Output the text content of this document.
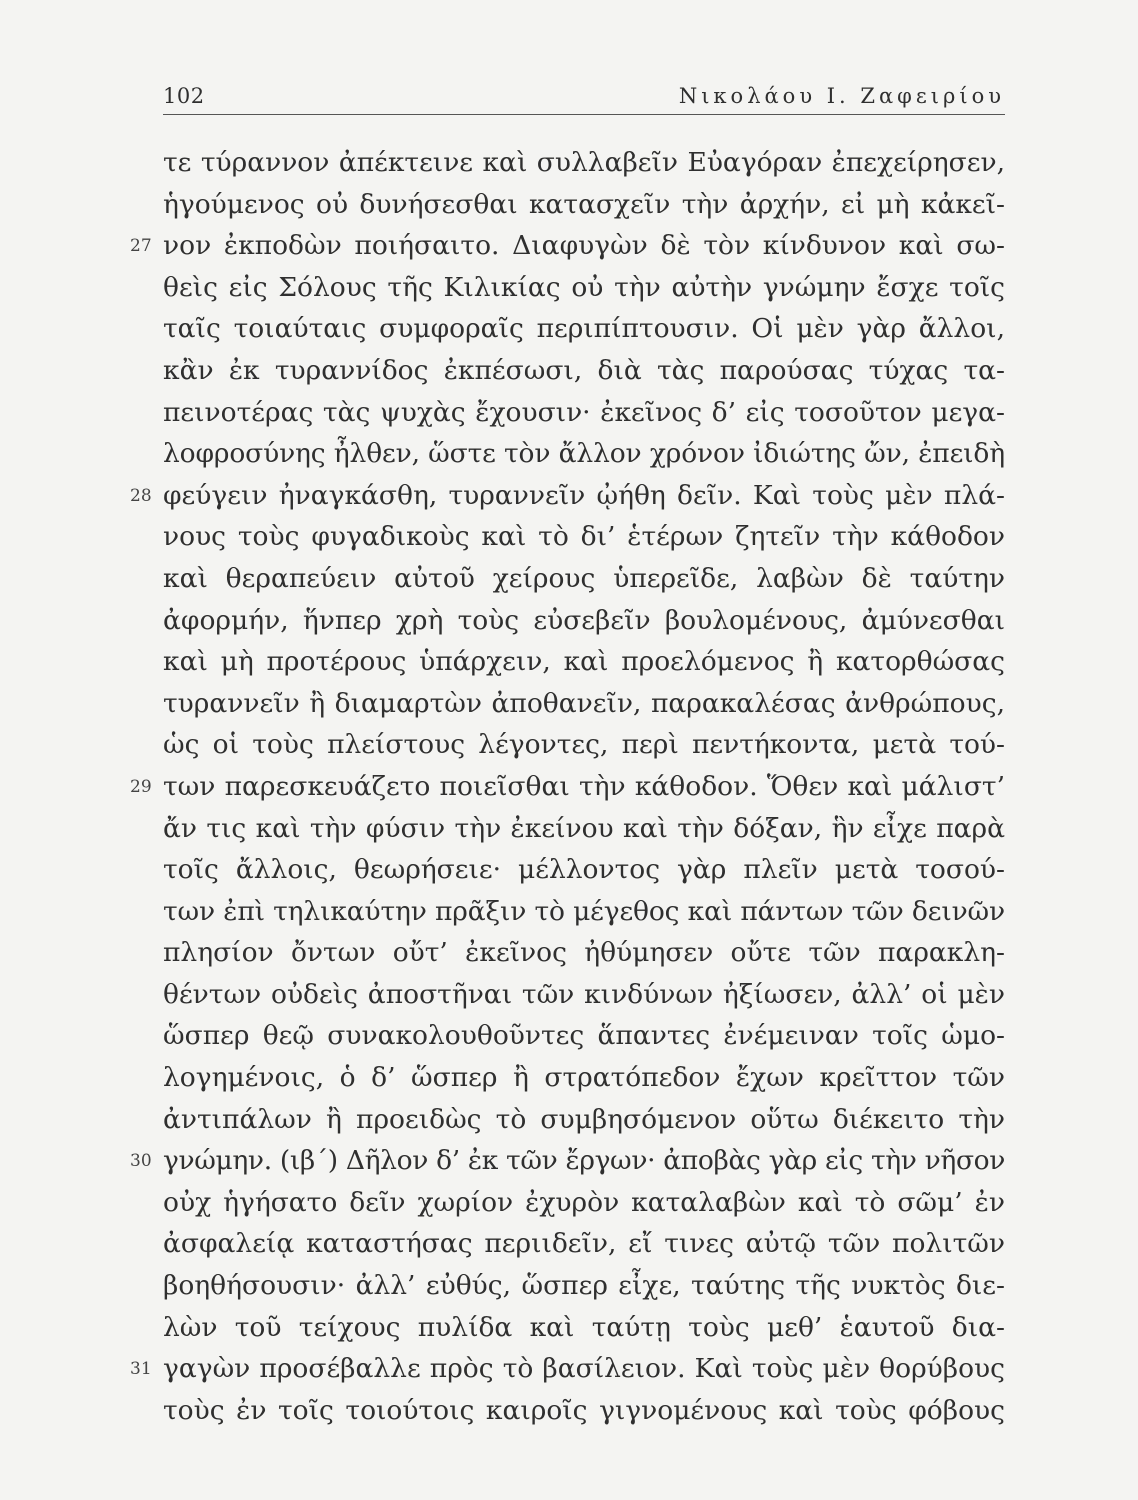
102	Νικολάου Ι. Ζαφειρίου
τε τύραννον ἀπέκτεινε καὶ συλλαβεῖν Εὐαγόραν ἐπεχείρησεν,
ἡγούμενος οὐ δυνήσεσθαι κατασχεῖν τὴν ἀρχήν, εἰ μὴ κἀκεῖ-
27 νον ἐκποδὼν ποιήσαιτο. Διαφυγὼν δὲ τὸν κίνδυνον καὶ σω-
θεὶς εἰς Σόλους τῆς Κιλικίας οὐ τὴν αὐτὴν γνώμην ἔσχε τοῖς
ταῖς τοιαύταις συμφοραῖς περιπίπτουσιν. Οἱ μὲν γὰρ ἄλλοι,
κἂν ἐκ τυραννίδος ἐκπέσωσι, διὰ τὰς παρούσας τύχας τα-
πεινοτέρας τὰς ψυχὰς ἔχουσιν· ἐκεῖνος δ’ εἰς τοσοῦτον μεγα-
λοφροσύνης ἦλθεν, ὥστε τὸν ἄλλον χρόνον ἰδιώτης ὤν, ἐπειδὴ
28 φεύγειν ἠναγκάσθη, τυραννεῖν ᾠήθη δεῖν. Καὶ τοὺς μὲν πλά-
νους τοὺς φυγαδικοὺς καὶ τὸ δι’ ἑτέρων ζητεῖν τὴν κάθοδον
καὶ θεραπεύειν αὐτοῦ χείρους ὑπερεῖδε, λαβὼν δὲ ταύτην
ἀφορμήν, ἥνπερ χρὴ τοὺς εὐσεβεῖν βουλομένους, ἀμύνεσθαι
καὶ μὴ προτέρους ὑπάρχειν, καὶ προελόμενος ἢ κατορθώσας
τυραννεῖν ἢ διαμαρτὼν ἀποθανεῖν, παρακαλέσας ἀνθρώπους,
ὡς οἱ τοὺς πλείστους λέγοντες, περὶ πεντήκοντα, μετὰ τού-
29 των παρεσκευάζετο ποιεῖσθαι τὴν κάθοδον. Ὅθεν καὶ μάλιστ’
ἄν τις καὶ τὴν φύσιν τὴν ἐκείνου καὶ τὴν δόξαν, ἣν εἶχε παρὰ
τοῖς ἄλλοις, θεωρήσειε· μέλλοντος γὰρ πλεῖν μετὰ τοσού-
των ἐπὶ τηλικαύτην πρᾶξιν τὸ μέγεθος καὶ πάντων τῶν δεινῶν
πλησίον ὄντων οὔτ’ ἐκεῖνος ἠθύμησεν οὔτε τῶν παρακλη-
θέντων οὐδεὶς ἀποστῆναι τῶν κινδύνων ἠξίωσεν, ἀλλ’ οἱ μὲν
ὥσπερ θεῷ συνακολουθοῦντες ἅπαντες ἐνέμειναν τοῖς ὡμο-
λογημένοις, ὁ δ’ ὥσπερ ἢ στρατόπεδον ἔχων κρεῖττον τῶν
ἀντιπάλων ἢ προειδὼς τὸ συμβησόμενον οὕτω διέκειτο τὴν
30 γνώμην. (ιβ΄) Δῆλον δ’ ἐκ τῶν ἔργων· ἀποβὰς γὰρ εἰς τὴν νῆσον
οὐχ ἡγήσατο δεῖν χωρίον ἐχυρὸν καταλαβὼν καὶ τὸ σῶμ’ ἐν
ἀσφαλείᾳ καταστήσας περιιδεῖν, εἴ τινες αὐτῷ τῶν πολιτῶν
βοηθήσουσιν· ἀλλ’ εὐθύς, ὥσπερ εἶχε, ταύτης τῆς νυκτὸς διε-
λὼν τοῦ τείχους πυλίδα καὶ ταύτῃ τοὺς μεθ’ ἑαυτοῦ δια-
31 γαγὼν προσέβαλλε πρὸς τὸ βασίλειον. Καὶ τοὺς μὲν θορύβους
τοὺς ἐν τοῖς τοιούτοις καιροῖς γιγνομένους καὶ τοὺς φόβους
